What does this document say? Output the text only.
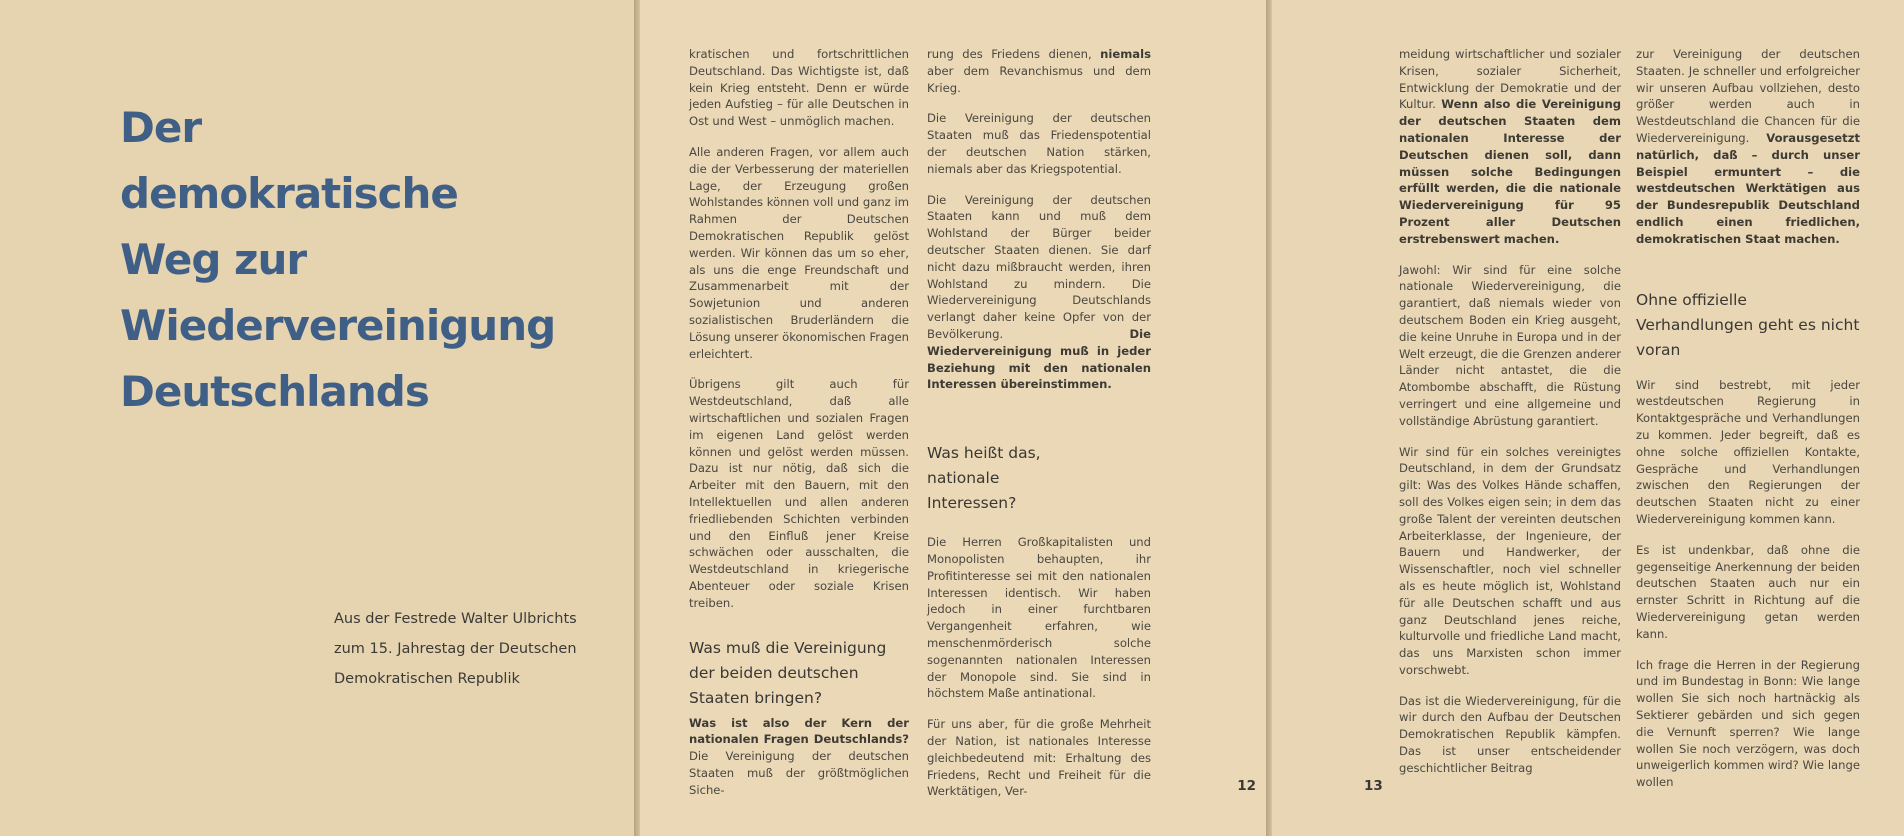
Der
demokratische
Weg zur
Wiedervereinigung
Deutschlands
Aus der Festrede Walter Ulbrichts
zum 15. Jahrestag der Deutschen
Demokratischen Republik

kratischen und fortschrittlichen Deutschland. Das Wichtigste ist, daß kein Krieg entsteht. Denn er würde jeden Aufstieg – für alle Deutschen in Ost und West – unmöglich machen.

Alle anderen Fragen, vor allem auch die der Verbesserung der materiellen Lage, der Erzeugung großen Wohlstandes können voll und ganz im Rahmen der Deutschen Demokratischen Republik gelöst werden. Wir können das um so eher, als uns die enge Freundschaft und Zusammenarbeit mit der Sowjetunion und anderen sozialistischen Bruderländern die Lösung unserer ökonomischen Fragen erleichtert.

Übrigens gilt auch für Westdeutschland, daß alle wirtschaftlichen und sozialen Fragen im eigenen Land gelöst werden können und gelöst werden müssen. Dazu ist nur nötig, daß sich die Arbeiter mit den Bauern, mit den Intellektuellen und allen anderen friedliebenden Schichten verbinden und den Einfluß jener Kreise schwächen oder ausschalten, die Westdeutschland in kriegerische Abenteuer oder soziale Krisen treiben.

Was muß die Vereinigung der beiden deutschen Staaten bringen?

Was ist also der Kern der nationalen Fragen Deutschlands? Die Vereinigung der deutschen Staaten muß der größtmöglichen Siche-

rung des Friedens dienen, niemals aber dem Revanchismus und dem Krieg.

Die Vereinigung der deutschen Staaten muß das Friedenspotential der deutschen Nation stärken, niemals aber das Kriegspotential.

Die Vereinigung der deutschen Staaten kann und muß dem Wohlstand der Bürger beider deutscher Staaten dienen. Sie darf nicht dazu mißbraucht werden, ihren Wohlstand zu mindern. Die Wiedervereinigung Deutschlands verlangt daher keine Opfer von der Bevölkerung. Die Wiedervereinigung muß in jeder Beziehung mit den nationalen Interessen übereinstimmen.

Was heißt das, nationale Interessen?

Die Herren Großkapitalisten und Monopolisten behaupten, ihr Profitinteresse sei mit den nationalen Interessen identisch. Wir haben jedoch in einer furchtbaren Vergangenheit erfahren, wie menschenmörderisch solche sogenannten nationalen Interessen der Monopole sind. Sie sind in höchstem Maße antinational.

Für uns aber, für die große Mehrheit der Nation, ist nationales Interesse gleichbedeutend mit: Erhaltung des Friedens, Recht und Freiheit für die Werktätigen, Ver-	12

meidung wirtschaftlicher und sozialer Krisen, sozialer Sicherheit, Entwicklung der Demokratie und der Kultur. Wenn also die Vereinigung der deutschen Staaten dem nationalen Interesse der Deutschen dienen soll, dann müssen solche Bedingungen erfüllt werden, die die nationale Wiedervereinigung für 95 Prozent aller Deutschen erstrebenswert machen.

Jawohl: Wir sind für eine solche nationale Wiedervereinigung, die garantiert, daß niemals wieder von deutschem Boden ein Krieg ausgeht, die keine Unruhe in Europa und in der Welt erzeugt, die die Grenzen anderer Länder nicht antastet, die die Atombombe abschafft, die Rüstung verringert und eine allgemeine und vollständige Abrüstung garantiert.

Wir sind für ein solches vereinigtes Deutschland, in dem der Grundsatz gilt: Was des Volkes Hände schaffen, soll des Volkes eigen sein; in dem das große Talent der vereinten deutschen Arbeiterklasse, der Ingenieure, der Bauern und Handwerker, der Wissenschaftler, noch viel schneller als es heute möglich ist, Wohlstand für alle Deutschen schafft und aus ganz Deutschland jenes reiche, kulturvolle und friedliche Land macht, das uns Marxisten schon immer vorschwebt.

Das ist die Wiedervereinigung, für die wir durch den Aufbau der Deutschen Demokratischen Republik kämpfen. Das ist unser entscheidender geschichtlicher Beitrag

zur Vereinigung der deutschen Staaten. Je schneller und erfolgreicher wir unseren Aufbau vollziehen, desto größer werden auch in Westdeutschland die Chancen für die Wiedervereinigung. Vorausgesetzt natürlich, daß – durch unser Beispiel ermuntert – die westdeutschen Werktätigen aus der Bundesrepublik Deutschland endlich einen friedlichen, demokratischen Staat machen.

Ohne offizielle Verhandlungen geht es nicht voran

Wir sind bestrebt, mit jeder westdeutschen Regierung in Kontaktgespräche und Verhandlungen zu kommen. Jeder begreift, daß es ohne solche offiziellen Kontakte, Gespräche und Verhandlungen zwischen den Regierungen der deutschen Staaten nicht zu einer Wiedervereinigung kommen kann.

Es ist undenkbar, daß ohne die gegenseitige Anerkennung der beiden deutschen Staaten auch nur ein ernster Schritt in Richtung auf die Wiedervereinigung getan werden kann.

Ich frage die Herren in der Regierung und im Bundestag in Bonn: Wie lange wollen Sie sich noch hartnäckig als Sektierer gebärden und sich gegen die Vernunft sperren? Wie lange wollen Sie noch verzögern, was doch unweigerlich kommen wird? Wie lange wollen

13
